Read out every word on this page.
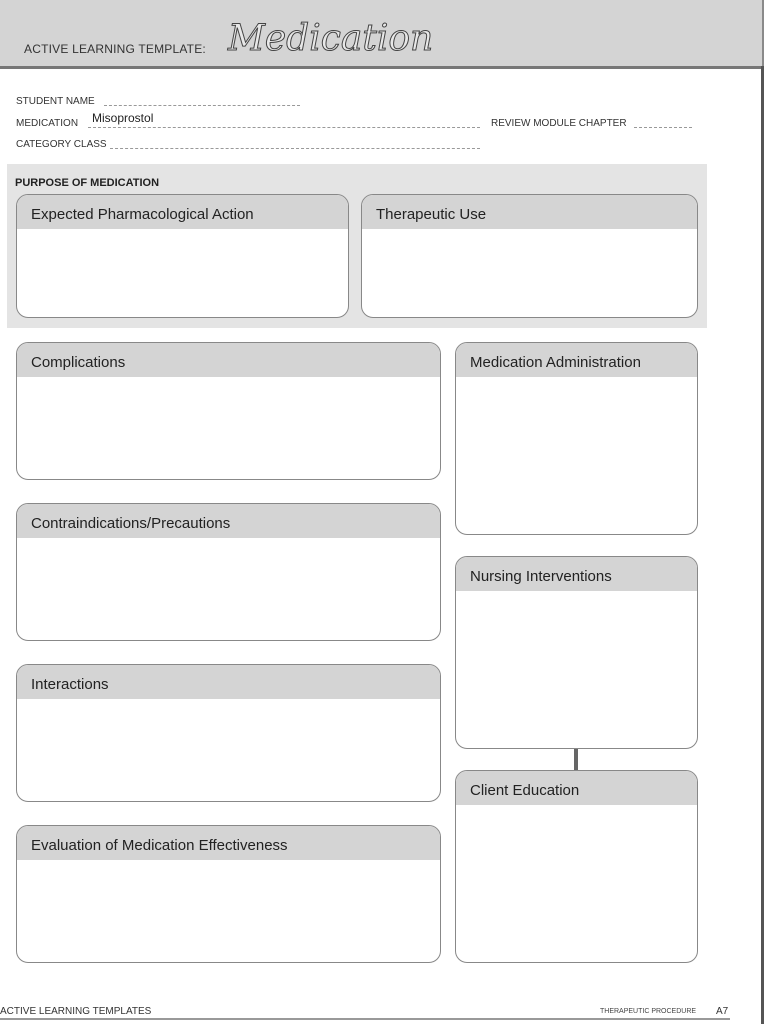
ACTIVE LEARNING TEMPLATE: Medication
STUDENT NAME
MEDICATION Misoprostol	REVIEW MODULE CHAPTER
CATEGORY CLASS
PURPOSE OF MEDICATION
Expected Pharmacological Action	Therapeutic Use
Complications
Contraindications/Precautions
Interactions
Evaluation of Medication Effectiveness
Medication Administration
Nursing Interventions
Client Education
ACTIVE LEARNING TEMPLATES	THERAPEUTIC PROCEDURE A7
